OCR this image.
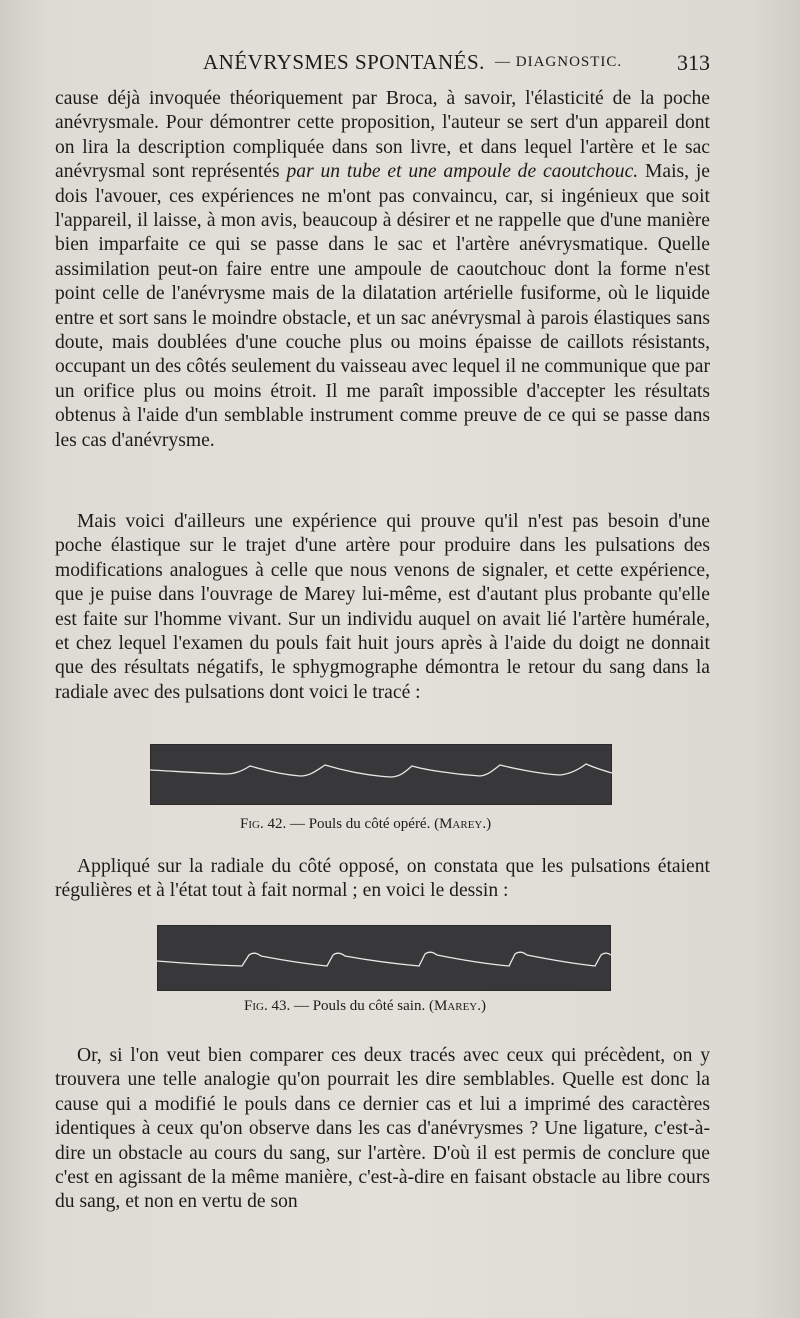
ANÉVRYSMES SPONTANÉS. — DIAGNOSTIC. 313

cause déjà invoquée théoriquement par Broca, à savoir, l'élasticité de la poche anévrysmale. Pour démontrer cette proposition, l'auteur se sert d'un appareil dont on lira la description compliquée dans son livre, et dans lequel l'artère et le sac anévrysmal sont représentés par un tube et une ampoule de caoutchouc. Mais, je dois l'avouer, ces expériences ne m'ont pas convaincu, car, si ingénieux que soit l'appareil, il laisse, à mon avis, beaucoup à désirer et ne rappelle que d'une manière bien imparfaite ce qui se passe dans le sac et l'artère anévrysmatique. Quelle assimilation peut-on faire entre une ampoule de caoutchouc dont la forme n'est point celle de l'anévrysme mais de la dilatation artérielle fusiforme, où le liquide entre et sort sans le moindre obstacle, et un sac anévrysmal à parois élastiques sans doute, mais doublées d'une couche plus ou moins épaisse de caillots résistants, occupant un des côtés seulement du vaisseau avec lequel il ne communique que par un orifice plus ou moins étroit. Il me paraît impossible d'accepter les résultats obtenus à l'aide d'un semblable instrument comme preuve de ce qui se passe dans les cas d'anévrysme.

Mais voici d'ailleurs une expérience qui prouve qu'il n'est pas besoin d'une poche élastique sur le trajet d'une artère pour produire dans les pulsations des modifications analogues à celle que nous venons de signaler, et cette expérience, que je puise dans l'ouvrage de Marey lui-même, est d'autant plus probante qu'elle est faite sur l'homme vivant. Sur un individu auquel on avait lié l'artère humérale, et chez lequel l'examen du pouls fait huit jours après à l'aide du doigt ne donnait que des résultats négatifs, le sphygmographe démontra le retour du sang dans la radiale avec des pulsations dont voici le tracé :

Fig. 42. — Pouls du côté opéré. (Marey.)

Appliqué sur la radiale du côté opposé, on constata que les pulsations étaient régulières et à l'état tout à fait normal ; en voici le dessin :

Fig. 43. — Pouls du côté sain. (Marey.)

Or, si l'on veut bien comparer ces deux tracés avec ceux qui précèdent, on y trouvera une telle analogie qu'on pourrait les dire semblables. Quelle est donc la cause qui a modifié le pouls dans ce dernier cas et lui a imprimé des caractères identiques à ceux qu'on observe dans les cas d'anévrysmes ? Une ligature, c'est-à-dire un obstacle au cours du sang, sur l'artère. D'où il est permis de conclure que c'est en agissant de la même manière, c'est-à-dire en faisant obstacle au libre cours du sang, et non en vertu de son
